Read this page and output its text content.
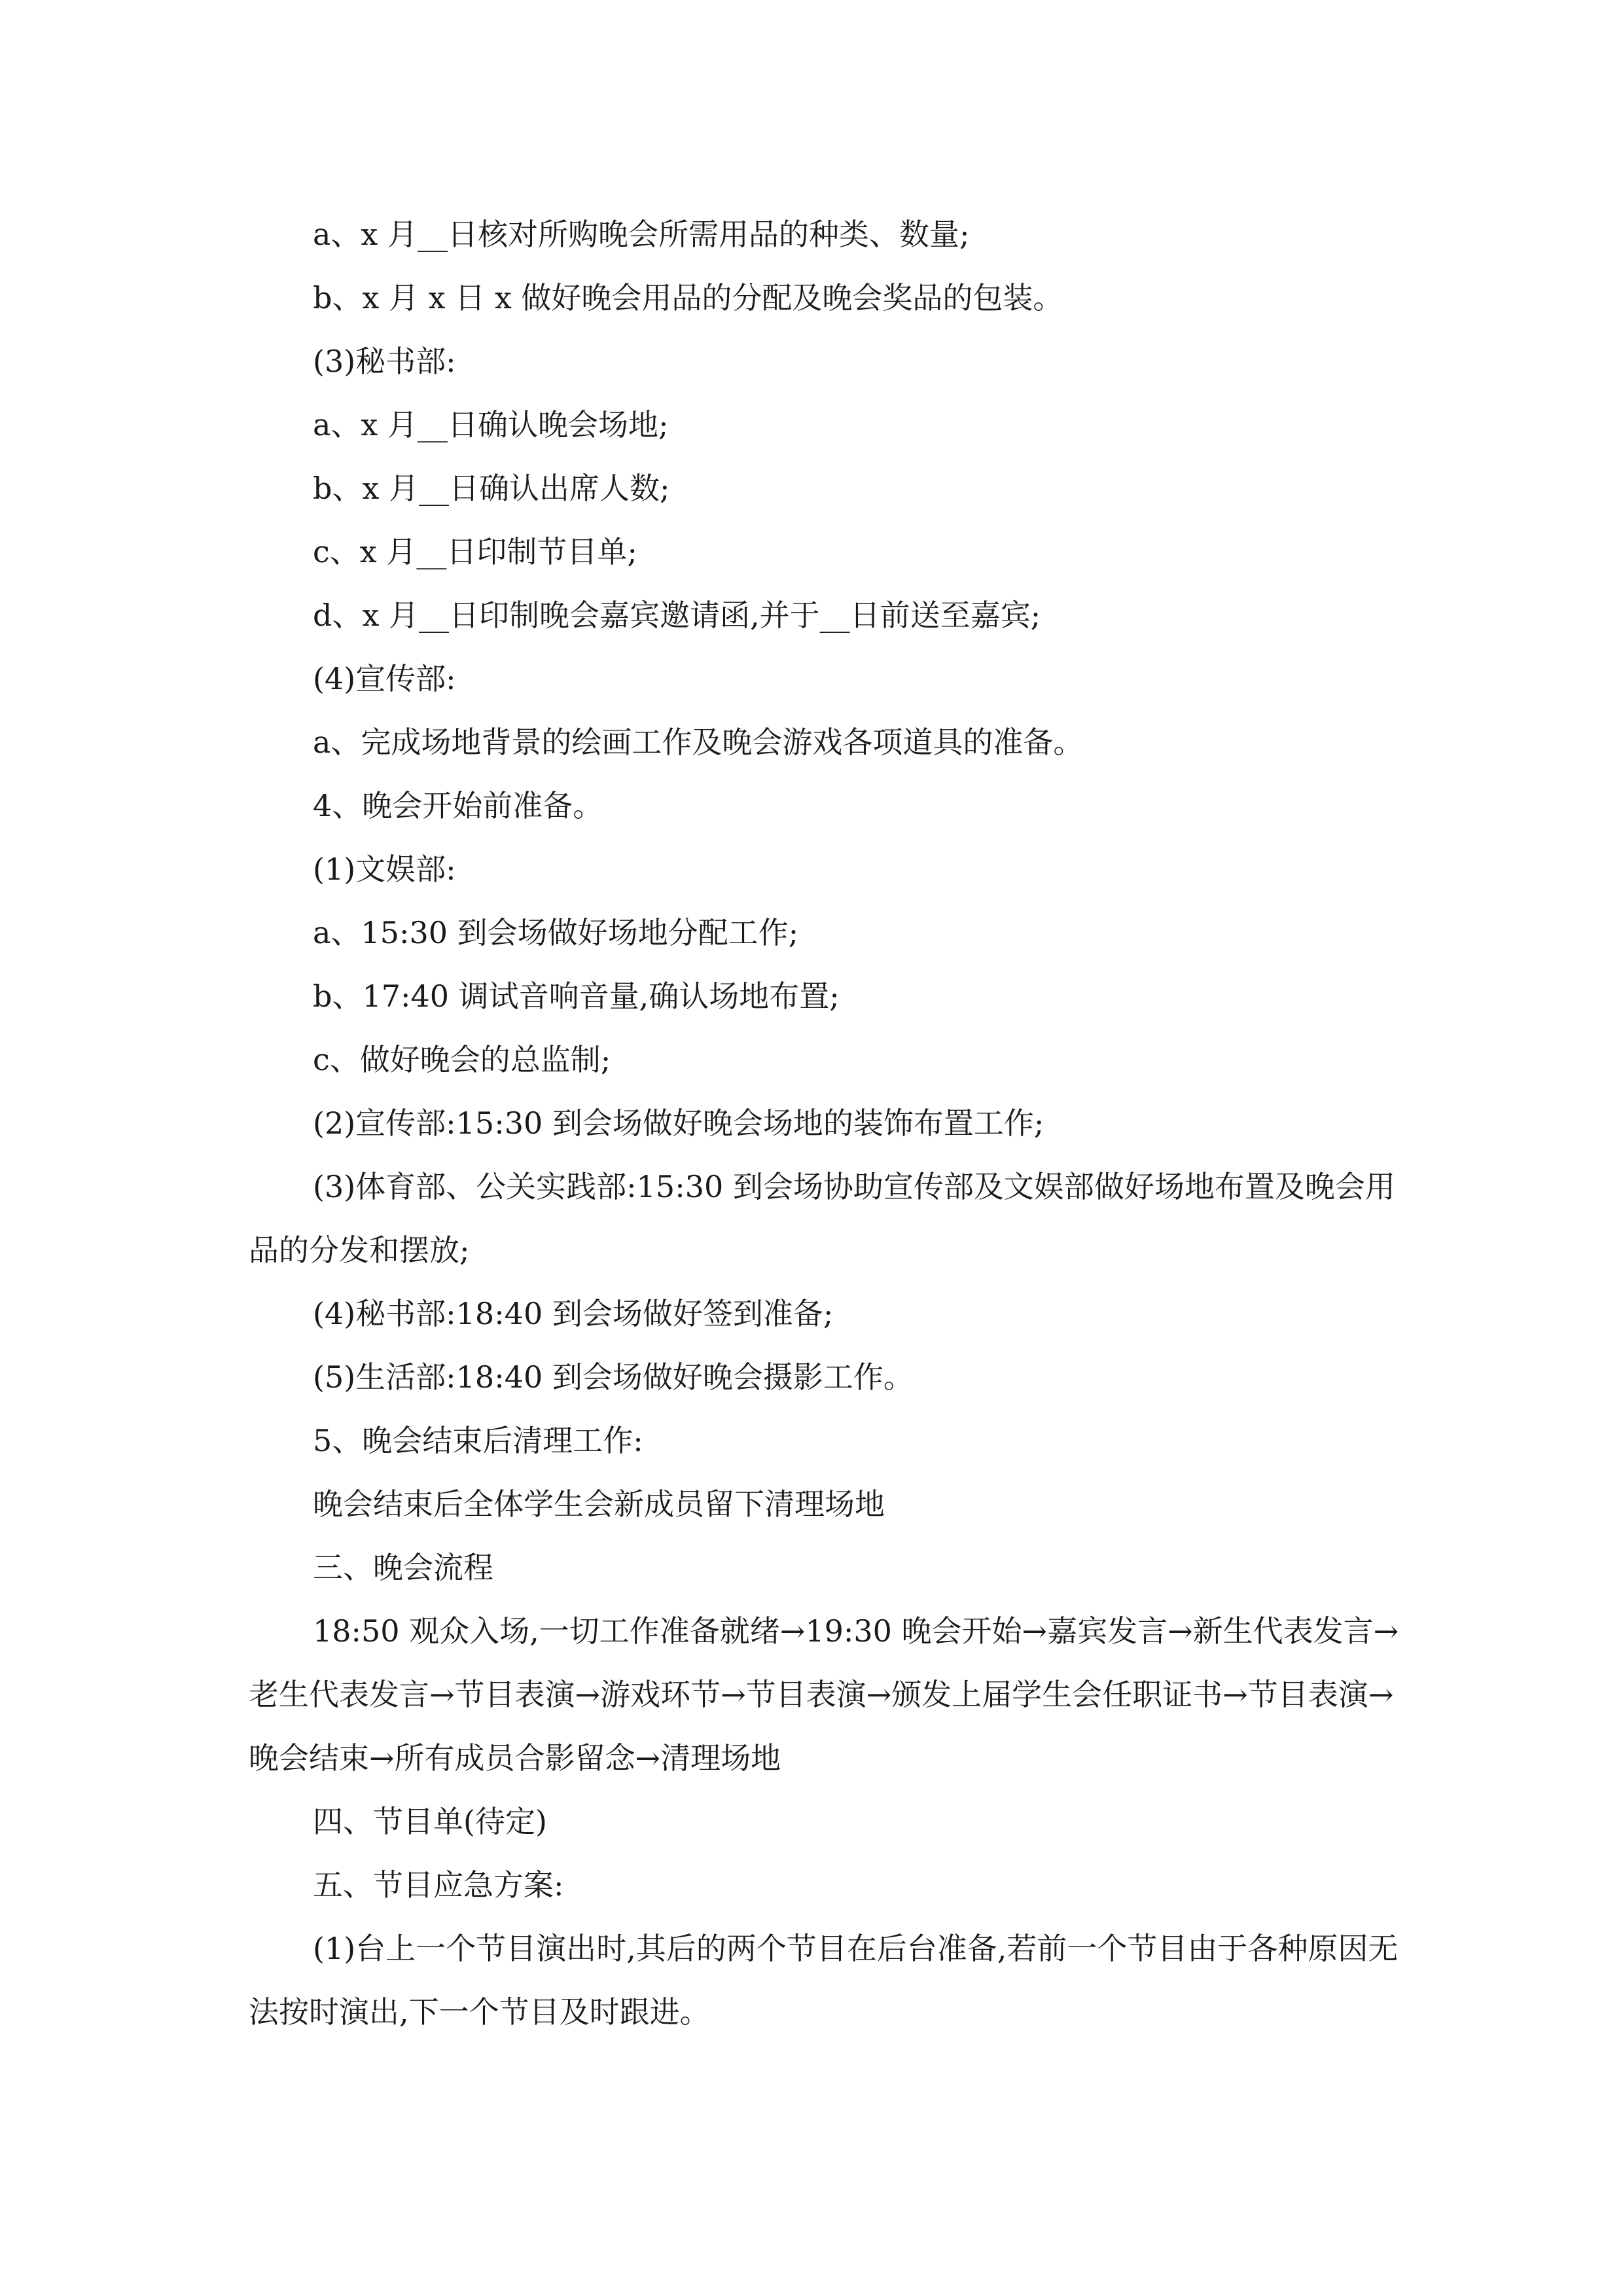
a、x 月__日核对所购晚会所需用品的种类、数量;

b、x 月 x 日 x 做好晚会用品的分配及晚会奖品的包装。

(3)秘书部:

a、x 月__日确认晚会场地;

b、x 月__日确认出席人数;

c、x 月__日印制节目单;

d、x 月__日印制晚会嘉宾邀请函,并于__日前送至嘉宾;

(4)宣传部:

a、完成场地背景的绘画工作及晚会游戏各项道具的准备。

4、晚会开始前准备。

(1)文娱部:

a、15:30 到会场做好场地分配工作;

b、17:40 调试音响音量,确认场地布置;

c、做好晚会的总监制;

(2)宣传部:15:30 到会场做好晚会场地的装饰布置工作;

(3)体育部、公关实践部:15:30 到会场协助宣传部及文娱部做好场地布置及晚会用品的分发和摆放;

(4)秘书部:18:40 到会场做好签到准备;

(5)生活部:18:40 到会场做好晚会摄影工作。

5、晚会结束后清理工作:

晚会结束后全体学生会新成员留下清理场地

三、晚会流程

18:50 观众入场,一切工作准备就绪→19:30 晚会开始→嘉宾发言→新生代表发言→老生代表发言→节目表演→游戏环节→节目表演→颁发上届学生会任职证书→节目表演→晚会结束→所有成员合影留念→清理场地

四、节目单(待定)

五、节目应急方案:

(1)台上一个节目演出时,其后的两个节目在后台准备,若前一个节目由于各种原因无法按时演出,下一个节目及时跟进。
